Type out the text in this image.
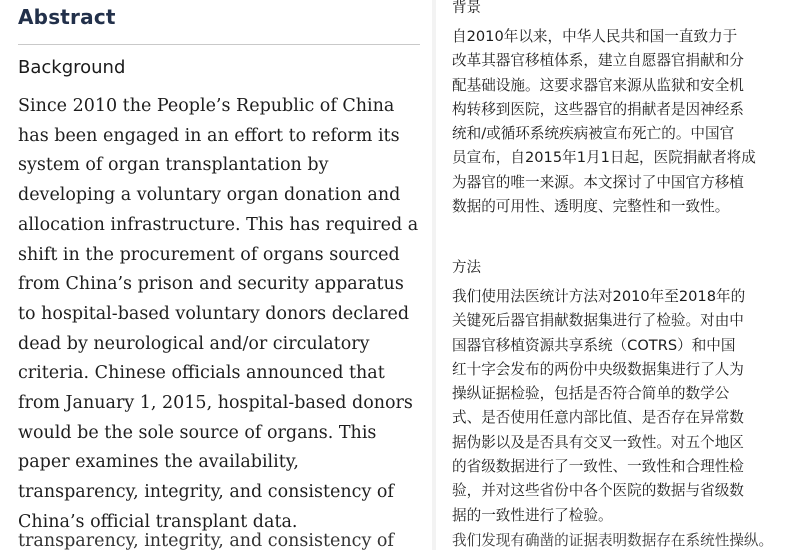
Abstract
Background
Since 2010 the People’s Republic of China
has been engaged in an effort to reform its
system of organ transplantation by
developing a voluntary organ donation and
allocation infrastructure. This has required a
shift in the procurement of organs sourced
from China’s prison and security apparatus
to hospital-based voluntary donors declared
dead by neurological and/or circulatory
criteria. Chinese officials announced that
from January 1, 2015, hospital-based donors
would be the sole source of organs. This
paper examines the availability,
transparency, integrity, and consistency of
China’s official transplant data.
transparency, integrity, and consistency of
背景
自2010年以来，中华人民共和国一直致力于
改革其器官移植体系，建立自愿器官捐献和分
配基础设施。这要求器官来源从监狱和安全机
构转移到医院，这些器官的捐献者是因神经系
统和/或循环系统疾病被宣布死亡的。中国官
员宣布，自2015年1月1日起，医院捐献者将成
为器官的唯一来源。本文探讨了中国官方移植
数据的可用性、透明度、完整性和一致性。
方法
我们使用法医统计方法对2010年至2018年的
关键死后器官捐献数据集进行了检验。对由中
国器官移植资源共享系统（COTRS）和中国
红十字会发布的两份中央级数据集进行了人为
操纵证据检验，包括是否符合简单的数学公
式、是否使用任意内部比值、是否存在异常数
据伪影以及是否具有交叉一致性。对五个地区
的省级数据进行了一致性、一致性和合理性检
验，并对这些省份中各个医院的数据与省级数
据的一致性进行了检验。
我们发现有确凿的证据表明数据存在系统性操纵。
